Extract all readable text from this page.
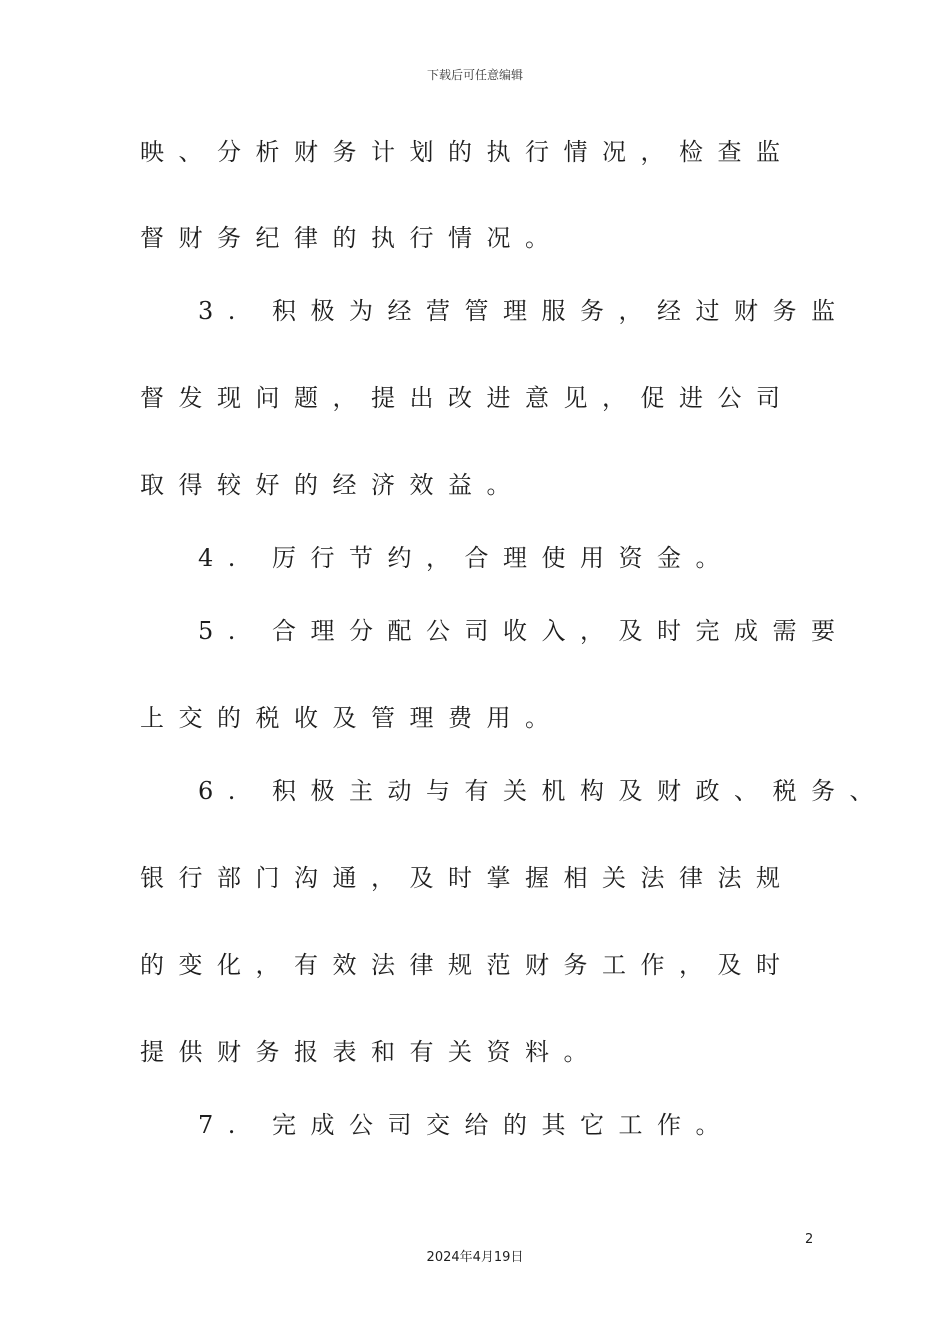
下载后可任意编辑
映、分析财务计划的执行情况，检查监
督财务纪律的执行情况。
3. 积极为经营管理服务，经过财务监
督发现问题，提出改进意见，促进公司
取得较好的经济效益。
4. 厉行节约，合理使用资金。
5. 合理分配公司收入，及时完成需要
上交的税收及管理费用。
6. 积极主动与有关机构及财政、税务、
银行部门沟通，及时掌握相关法律法规
的变化，有效法律规范财务工作，及时
提供财务报表和有关资料。
7. 完成公司交给的其它工作。
2
2024年4月19日
